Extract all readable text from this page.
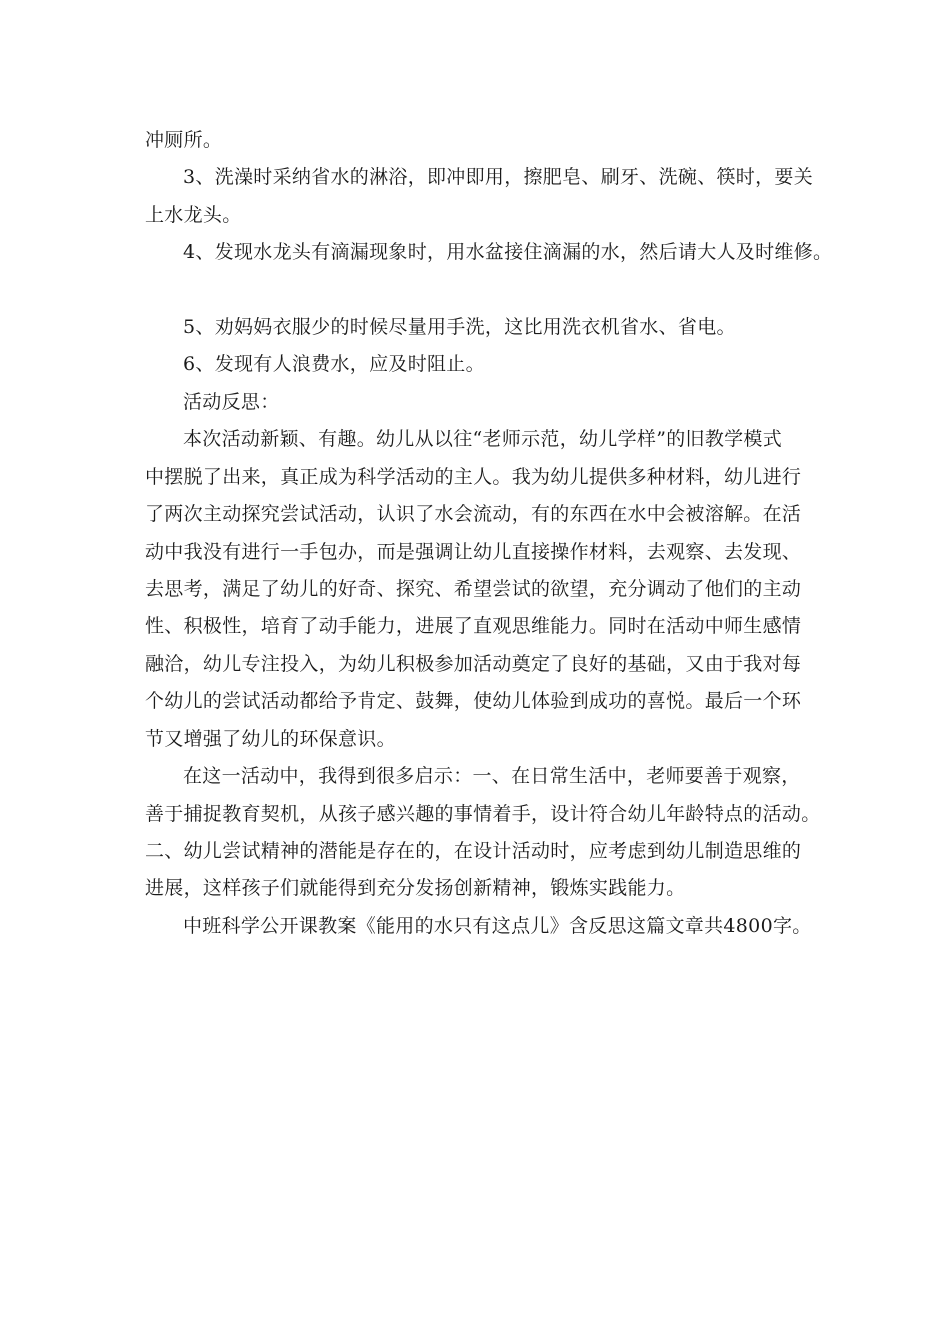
冲厕所。
3、洗澡时采纳省水的淋浴，即冲即用，擦肥皂、刷牙、洗碗、筷时，要关
上水龙头。
4、发现水龙头有滴漏现象时，用水盆接住滴漏的水，然后请大人及时维修。
5、劝妈妈衣服少的时候尽量用手洗，这比用洗衣机省水、省电。
6、发现有人浪费水，应及时阻止。
活动反思：
本次活动新颖、有趣。幼儿从以往“老师示范，幼儿学样”的旧教学模式
中摆脱了出来，真正成为科学活动的主人。我为幼儿提供多种材料，幼儿进行
了两次主动探究尝试活动，认识了水会流动，有的东西在水中会被溶解。在活
动中我没有进行一手包办，而是强调让幼儿直接操作材料，去观察、去发现、
去思考，满足了幼儿的好奇、探究、希望尝试的欲望，充分调动了他们的主动
性、积极性，培育了动手能力，进展了直观思维能力。同时在活动中师生感情
融洽，幼儿专注投入，为幼儿积极参加活动奠定了良好的基础，又由于我对每
个幼儿的尝试活动都给予肯定、鼓舞，使幼儿体验到成功的喜悦。最后一个环
节又增强了幼儿的环保意识。
在这一活动中，我得到很多启示：一、在日常生活中，老师要善于观察，
善于捕捉教育契机，从孩子感兴趣的事情着手，设计符合幼儿年龄特点的活动。
二、幼儿尝试精神的潜能是存在的，在设计活动时，应考虑到幼儿制造思维的
进展，这样孩子们就能得到充分发扬创新精神，锻炼实践能力。
中班科学公开课教案《能用的水只有这点儿》含反思这篇文章共4800字。
